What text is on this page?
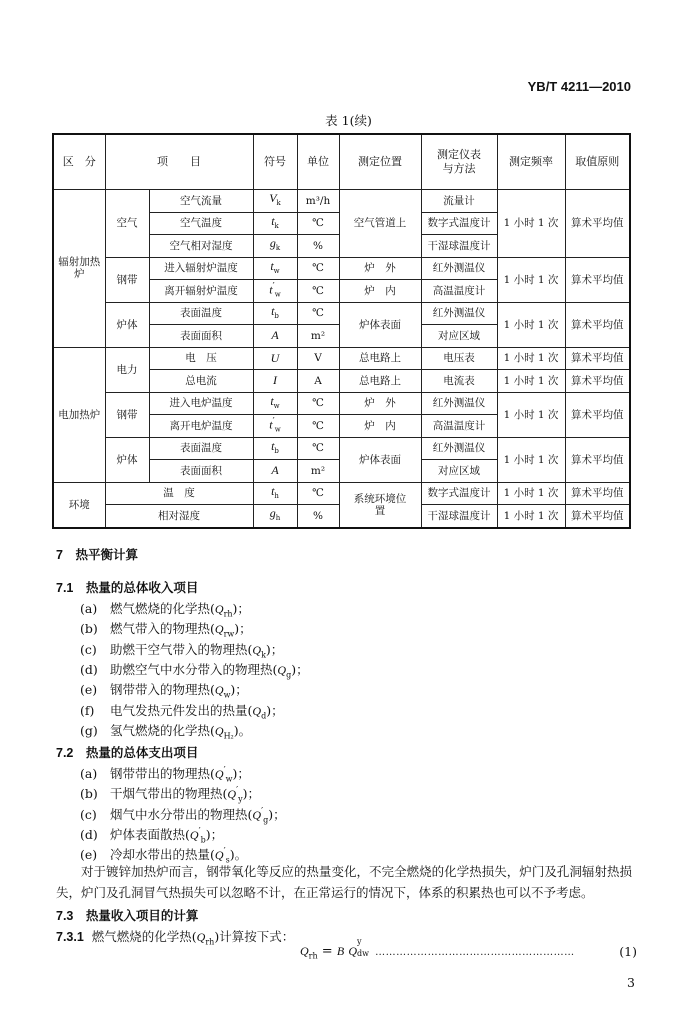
YB/T 4211—2010
表 1(续)
区　分	项　　目		符号	单位	测定位置	测定仪表与方法	测定频率	取值原则
辐射加热炉	空气	空气流量	$V_k$	m³/h	空气管道上	流量计	1 小时 1 次	算术平均值
		空气温度	$t_k$	℃		数字式温度计		
		空气相对湿度	$g_k$	%		干湿球温度计		
	钢带	进入辐射炉温度	$t_w$	℃	炉　外	红外测温仪	1 小时 1 次	算术平均值
		离开辐射炉温度	$t'_w$	℃	炉　内	高温温度计		
	炉体	表面温度	$t_b$	℃	炉体表面	红外测温仪	1 小时 1 次	算术平均值
		表面面积	A	m²		对应区域		
电加热炉	电力	电　压	U	V	总电路上	电压表	1 小时 1 次	算术平均值
		总电流	I	A	总电路上	电流表	1 小时 1 次	算术平均值
	钢带	进入电炉温度	$t_w$	℃	炉　外	红外测温仪	1 小时 1 次	算术平均值
		离开电炉温度	$t'_w$	℃	炉　内	高温温度计		
	炉体	表面温度	$t_b$	℃	炉体表面	红外测温仪	1 小时 1 次	算术平均值
		表面面积	A	m²		对应区域		
环境	温　度		$t_h$	℃	系统环境位置	数字式温度计	1 小时 1 次	算术平均值
	相对湿度		$g_h$	%		干湿球温度计	1 小时 1 次	算术平均值
7　热平衡计算
7.1　热量的总体收入项目
(a) 燃气燃烧的化学热$(Q_{rh})$；
(b) 燃气带入的物理热$(Q_{rw})$；
(c) 助燃干空气带入的物理热$(Q_k)$；
(d) 助燃空气中水分带入的物理热$(Q_g)$；
(e) 钢带带入的物理热$(Q_w)$；
(f) 电气发热元件发出的热量$(Q_d)$；
(g) 氢气燃烧的化学热$(Q_{H_2})$。
7.2　热量的总体支出项目
(a) 钢带带出的物理热$(Q'_w)$；
(b) 干烟气带出的物理热$(Q'_y)$；
(c) 烟气中水分带出的物理热$(Q'_g)$；
(d) 炉体表面散热$(Q'_b)$；
(e) 冷却水带出的热量$(Q'_s)$。
对于镀锌加热炉而言，钢带氧化等反应的热量变化，不完全燃烧的化学热损失，炉门及孔洞辐射热损失，炉门及孔洞冒气热损失可以忽略不计，在正常运行的情况下，体系的积累热也可以不予考虑。
7.3　热量收入项目的计算
7.3.1 燃气燃烧的化学热$(Q_{rh})$计算按下式：
$Q_{rh} = B$ Q
y
dw …………………………………………………	(1)
3
